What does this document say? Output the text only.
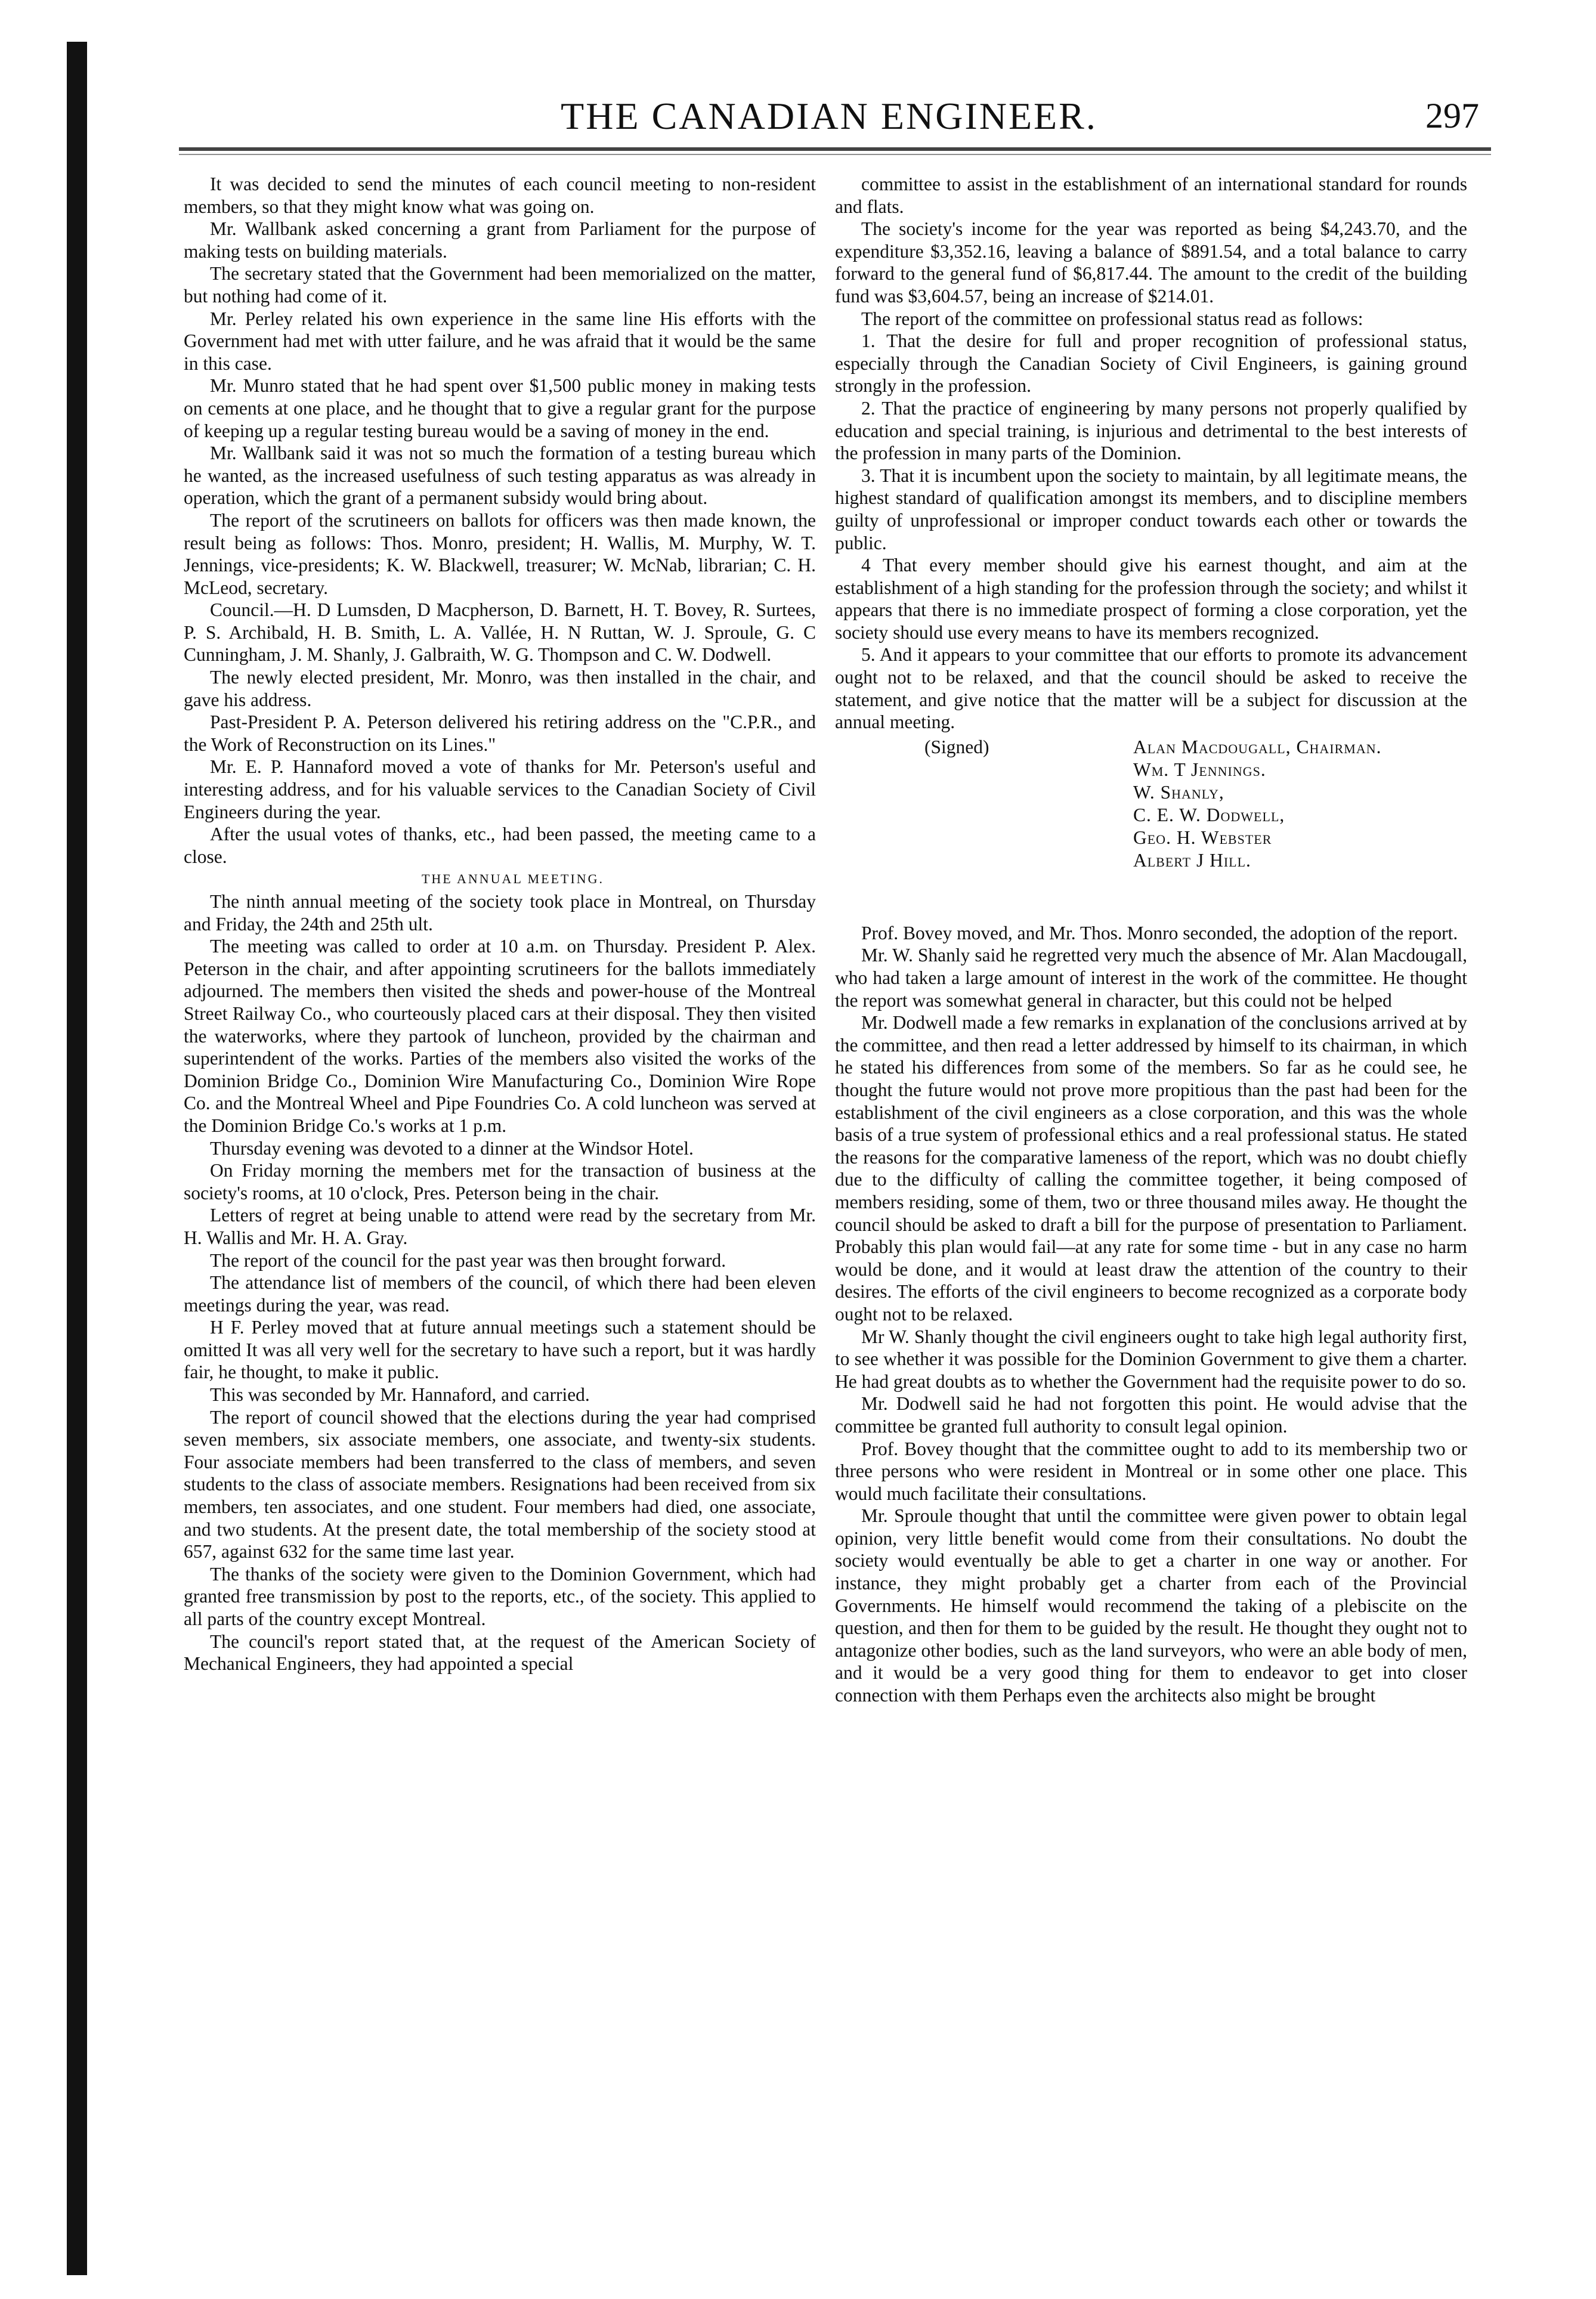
THE CANADIAN ENGINEER.	297

It was decided to send the minutes of each council meeting to non-resident members, so that they might know what was going on.

Mr. Wallbank asked concerning a grant from Parliament for the purpose of making tests on building materials.

The secretary stated that the Government had been memorialized on the matter, but nothing had come of it.

Mr. Perley related his own experience in the same line His efforts with the Government had met with utter failure, and he was afraid that it would be the same in this case.

Mr. Munro stated that he had spent over $1,500 public money in making tests on cements at one place, and he thought that to give a regular grant for the purpose of keeping up a regular testing bureau would be a saving of money in the end.

Mr. Wallbank said it was not so much the formation of a testing bureau which he wanted, as the increased usefulness of such testing apparatus as was already in operation, which the grant of a permanent subsidy would bring about.

The report of the scrutineers on ballots for officers was then made known, the result being as follows: Thos. Monro, president; H. Wallis, M. Murphy, W. T. Jennings, vice-presidents; K. W. Blackwell, treasurer; W. McNab, librarian; C. H. McLeod, secretary.

Council.—H. D Lumsden, D Macpherson, D. Barnett, H. T. Bovey, R. Surtees, P. S. Archibald, H. B. Smith, L. A. Vallée, H. N Ruttan, W. J. Sproule, G. C Cunningham, J. M. Shanly, J. Galbraith, W. G. Thompson and C. W. Dodwell.

The newly elected president, Mr. Monro, was then installed in the chair, and gave his address.

Past-President P. A. Peterson delivered his retiring address on the "C.P.R., and the Work of Reconstruction on its Lines."

Mr. E. P. Hannaford moved a vote of thanks for Mr. Peterson's useful and interesting address, and for his valuable services to the Canadian Society of Civil Engineers during the year.

After the usual votes of thanks, etc., had been passed, the meeting came to a close.

THE ANNUAL MEETING.

The ninth annual meeting of the society took place in Montreal, on Thursday and Friday, the 24th and 25th ult.

The meeting was called to order at 10 a.m. on Thursday. President P. Alex. Peterson in the chair, and after appointing scrutineers for the ballots immediately adjourned. The members then visited the sheds and power-house of the Montreal Street Railway Co., who courteously placed cars at their disposal. They then visited the waterworks, where they partook of luncheon, provided by the chairman and superintendent of the works. Parties of the members also visited the works of the Dominion Bridge Co., Dominion Wire Manufacturing Co., Dominion Wire Rope Co. and the Montreal Wheel and Pipe Foundries Co. A cold luncheon was served at the Dominion Bridge Co.'s works at 1 p.m.

Thursday evening was devoted to a dinner at the Windsor Hotel.

On Friday morning the members met for the transaction of business at the society's rooms, at 10 o'clock, Pres. Peterson being in the chair.

Letters of regret at being unable to attend were read by the secretary from Mr. H. Wallis and Mr. H. A. Gray.

The report of the council for the past year was then brought forward.

The attendance list of members of the council, of which there had been eleven meetings during the year, was read.

H F. Perley moved that at future annual meetings such a statement should be omitted It was all very well for the secretary to have such a report, but it was hardly fair, he thought, to make it public.

This was seconded by Mr. Hannaford, and carried.

The report of council showed that the elections during the year had comprised seven members, six associate members, one associate, and twenty-six students. Four associate members had been transferred to the class of members, and seven students to the class of associate members. Resignations had been received from six members, ten associates, and one student. Four members had died, one associate, and two students. At the present date, the total membership of the society stood at 657, against 632 for the same time last year.

The thanks of the society were given to the Dominion Government, which had granted free transmission by post to the reports, etc., of the society. This applied to all parts of the country except Montreal.

The council's report stated that, at the request of the American Society of Mechanical Engineers, they had appointed a special

committee to assist in the establishment of an international standard for rounds and flats.

The society's income for the year was reported as being $4,243.70, and the expenditure $3,352.16, leaving a balance of $891.54, and a total balance to carry forward to the general fund of $6,817.44. The amount to the credit of the building fund was $3,604.57, being an increase of $214.01.

The report of the committee on professional status read as follows:

1. That the desire for full and proper recognition of professional status, especially through the Canadian Society of Civil Engineers, is gaining ground strongly in the profession.

2. That the practice of engineering by many persons not properly qualified by education and special training, is injurious and detrimental to the best interests of the profession in many parts of the Dominion.

3. That it is incumbent upon the society to maintain, by all legitimate means, the highest standard of qualification amongst its members, and to discipline members guilty of unprofessional or improper conduct towards each other or towards the public.

4 That every member should give his earnest thought, and aim at the establishment of a high standing for the profession through the society; and whilst it appears that there is no immediate prospect of forming a close corporation, yet the society should use every means to have its members recognized.

5. And it appears to your committee that our efforts to promote its advancement ought not to be relaxed, and that the council should be asked to receive the statement, and give notice that the matter will be a subject for discussion at the annual meeting.

(Signed)	Alan Macdougall, Chairman.
Wm. T Jennings.
W. Shanly,
C. E. W. Dodwell,
Geo. H. Webster
Albert J Hill.

Prof. Bovey moved, and Mr. Thos. Monro seconded, the adoption of the report.

Mr. W. Shanly said he regretted very much the absence of Mr. Alan Macdougall, who had taken a large amount of interest in the work of the committee. He thought the report was somewhat general in character, but this could not be helped

Mr. Dodwell made a few remarks in explanation of the conclusions arrived at by the committee, and then read a letter addressed by himself to its chairman, in which he stated his differences from some of the members. So far as he could see, he thought the future would not prove more propitious than the past had been for the establishment of the civil engineers as a close corporation, and this was the whole basis of a true system of professional ethics and a real professional status. He stated the reasons for the comparative lameness of the report, which was no doubt chiefly due to the difficulty of calling the committee together, it being composed of members residing, some of them, two or three thousand miles away. He thought the council should be asked to draft a bill for the purpose of presentation to Parliament. Probably this plan would fail—at any rate for some time - but in any case no harm would be done, and it would at least draw the attention of the country to their desires. The efforts of the civil engineers to become recognized as a corporate body ought not to be relaxed.

Mr W. Shanly thought the civil engineers ought to take high legal authority first, to see whether it was possible for the Dominion Government to give them a charter. He had great doubts as to whether the Government had the requisite power to do so.

Mr. Dodwell said he had not forgotten this point. He would advise that the committee be granted full authority to consult legal opinion.

Prof. Bovey thought that the committee ought to add to its membership two or three persons who were resident in Montreal or in some other one place. This would much facilitate their consultations.

Mr. Sproule thought that until the committee were given power to obtain legal opinion, very little benefit would come from their consultations. No doubt the society would eventually be able to get a charter in one way or another. For instance, they might probably get a charter from each of the Provincial Governments. He himself would recommend the taking of a plebiscite on the question, and then for them to be guided by the result. He thought they ought not to antagonize other bodies, such as the land surveyors, who were an able body of men, and it would be a very good thing for them to endeavor to get into closer connection with them Perhaps even the architects also might be brought
